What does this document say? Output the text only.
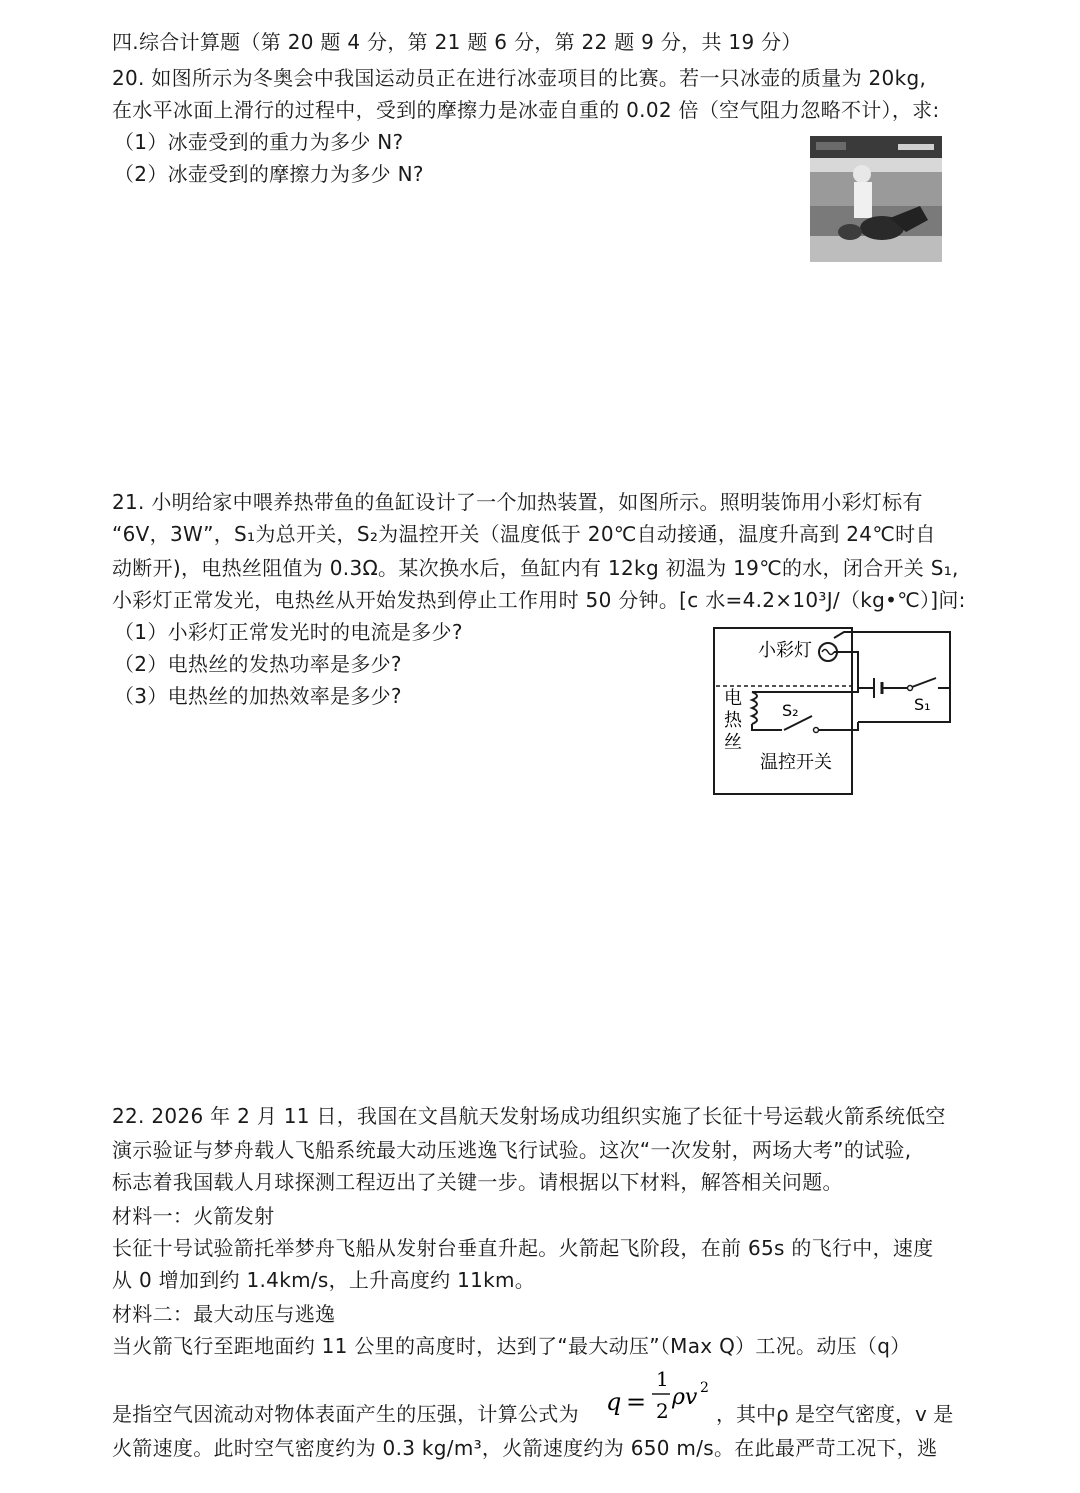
四.综合计算题（第 20 题 4 分，第 21 题 6 分，第 22 题 9 分，共 19 分）
20. 如图所示为冬奥会中我国运动员正在进行冰壶项目的比赛。若一只冰壶的质量为 20kg,
在水平冰面上滑行的过程中，受到的摩擦力是冰壶自重的 0.02 倍（空气阻力忽略不计），求:
（1）冰壶受到的重力为多少 N?
（2）冰壶受到的摩擦力为多少 N?
21. 小明给家中喂养热带鱼的鱼缸设计了一个加热装置，如图所示。照明装饰用小彩灯标有
“6V，3W”，S₁为总开关，S₂为温控开关（温度低于 20℃自动接通，温度升高到 24℃时自
动断开)，电热丝阻值为 0.3Ω。某次换水后，鱼缸内有 12kg 初温为 19℃的水，闭合开关 S₁,
小彩灯正常发光，电热丝从开始发热到停止工作用时 50 分钟。[c 水=4.2×10³J/（kg•℃）]问:
（1）小彩灯正常发光时的电流是多少?
（2）电热丝的发热功率是多少?
（3）电热丝的加热效率是多少?
小彩灯
电
热
丝
S₂	S₁
温控开关
22. 2026 年 2 月 11 日，我国在文昌航天发射场成功组织实施了长征十号运载火箭系统低空
演示验证与梦舟载人飞船系统最大动压逃逸飞行试验。这次“一次发射，两场大考”的试验,
标志着我国载人月球探测工程迈出了关键一步。请根据以下材料，解答相关问题。
材料一：火箭发射
长征十号试验箭托举梦舟飞船从发射台垂直升起。火箭起飞阶段，在前 65s 的飞行中，速度
从 0 增加到约 1.4km/s，上升高度约 11km。
材料二：最大动压与逃逸
当火箭飞行至距地面约 11 公里的高度时，达到了“最大动压”（Max Q）工况。动压（q）
是指空气因流动对物体表面产生的压强，计算公式为 q =
1
2
ρv 2
，其中ρ 是空气密度，v 是
火箭速度。此时空气密度约为 0.3 kg/m³，火箭速度约为 650 m/s。在此最严苛工况下，逃
